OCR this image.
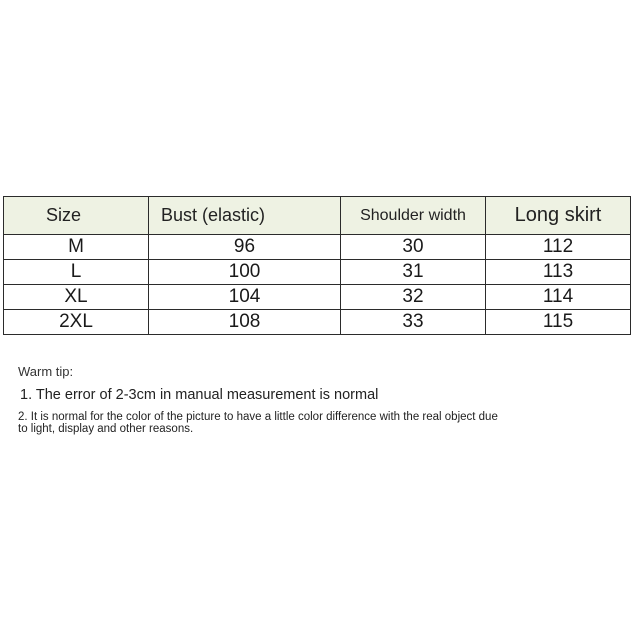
Size	Bust (elastic)	Shoulder width	Long skirt
M	96	30	112
L	100	31	113
XL	104	32	114
2XL	108	33	115

Warm tip:

1. The error of 2-3cm in manual measurement is normal

2. It is normal for the color of the picture to have a little color difference with the real object due to light, display and other reasons.
